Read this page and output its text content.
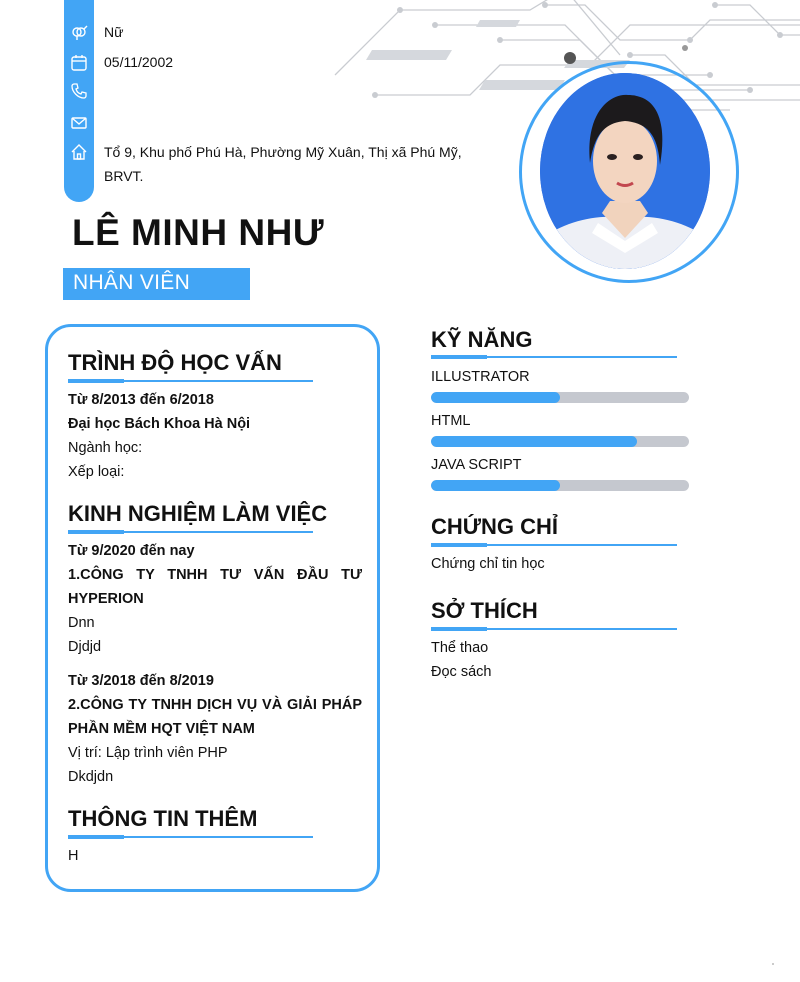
Nữ
05/11/2002
Tổ 9, Khu phố Phú Hà, Phường Mỹ Xuân, Thị xã Phú Mỹ,
BRVT.
LÊ MINH NHƯ
NHÂN VIÊN
TRÌNH ĐỘ HỌC VẤN
Từ 8/2013 đến 6/2018
Đại học Bách Khoa Hà Nội
Ngành học:
Xếp loại:
KINH NGHIỆM LÀM VIỆC
Từ 9/2020 đến nay
1.CÔNG TY TNHH TƯ VẤN ĐẦU TƯ
HYPERION
Dnn
Djdjd
Từ 3/2018 đến 8/2019
2.CÔNG TY TNHH DỊCH VỤ VÀ GIẢI PHÁP
PHẦN MỀM HQT VIỆT NAM
Vị trí: Lập trình viên PHP
Dkdjdn
THÔNG TIN THÊM
H
KỸ NĂNG
ILLUSTRATOR
HTML
JAVA SCRIPT
CHỨNG CHỈ
Chứng chỉ tin học
SỞ THÍCH
Thể thao
Đọc sách
